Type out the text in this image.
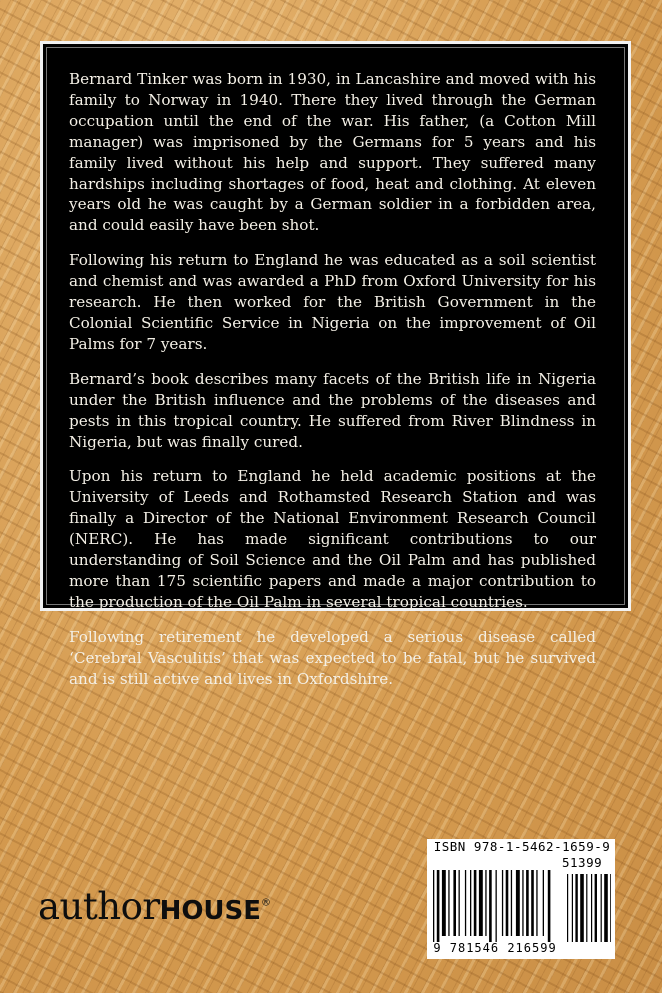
Bernard Tinker was born in 1930, in Lancashire and moved with his family to Norway in 1940. There they lived through the German occupation until the end of the war. His father, (a Cotton Mill manager) was imprisoned by the Germans for 5 years and his family lived without his help and support. They suffered many hardships including shortages of food, heat and clothing. At eleven years old he was caught by a German soldier in a forbidden area, and could easily have been shot.

Following his return to England he was educated as a soil scientist and chemist and was awarded a PhD from Oxford University for his research. He then worked for the British Government in the Colonial Scientific Service in Nigeria on the improvement of Oil Palms for 7 years.

Bernard’s book describes many facets of the British life in Nigeria under the British influence and the problems of the diseases and pests in this tropical country. He suffered from River Blindness in Nigeria, but was finally cured.

Upon his return to England he held academic positions at the University of Leeds and Rothamsted Research Station and was finally a Director of the National Environment Research Council (NERC). He has made significant contributions to our understanding of Soil Science and the Oil Palm and has published more than 175 scientific papers and made a major contribution to the production of the Oil Palm in several tropical countries.

Following retirement he developed a serious disease called ‘Cerebral Vasculitis’ that was expected to be fatal, but he survived and is still active and lives in Oxfordshire.

authorHOUSE®
ISBN 978-1-5462-1659-9
51399
9 781546 216599
